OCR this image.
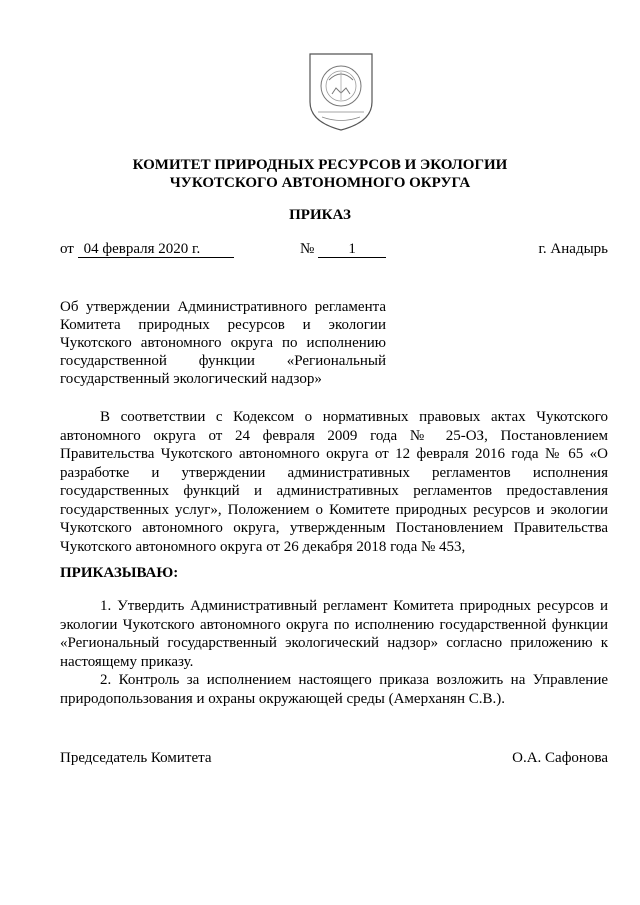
КОМИТЕТ ПРИРОДНЫХ РЕСУРСОВ И ЭКОЛОГИИ
ЧУКОТСКОГО АВТОНОМНОГО ОКРУГА
ПРИКАЗ
от 04 февраля 2020 г.	№ 1	г. Анадырь

Об утверждении Административного регламента

Комитета природных ресурсов и экологии

Чукотского автономного округа по исполнению

государственной функции «Региональный

государственный экологический надзор»

В соответствии с Кодексом о нормативных правовых актах Чукотского

автономного округа от 24 февраля 2009 года № 25-ОЗ, Постановлением

Правительства Чукотского автономного округа от 12 февраля 2016 года № 65 «О

разработке и утверждении административных регламентов исполнения

государственных функций и административных регламентов предоставления

государственных услуг», Положением о Комитете природных ресурсов и экологии

Чукотского автономного округа, утвержденным Постановлением Правительства

Чукотского автономного округа от 26 декабря 2018 года № 453,

ПРИКАЗЫВАЮ:

1. Утвердить Административный регламент Комитета природных ресурсов и

экологии Чукотского автономного округа по исполнению государственной функции

«Региональный государственный экологический надзор» согласно приложению к

настоящему приказу.

2. Контроль за исполнением настоящего приказа возложить на Управление

природопользования и охраны окружающей среды (Амерханян С.В.).

Председатель Комитета	О.А. Сафонова
